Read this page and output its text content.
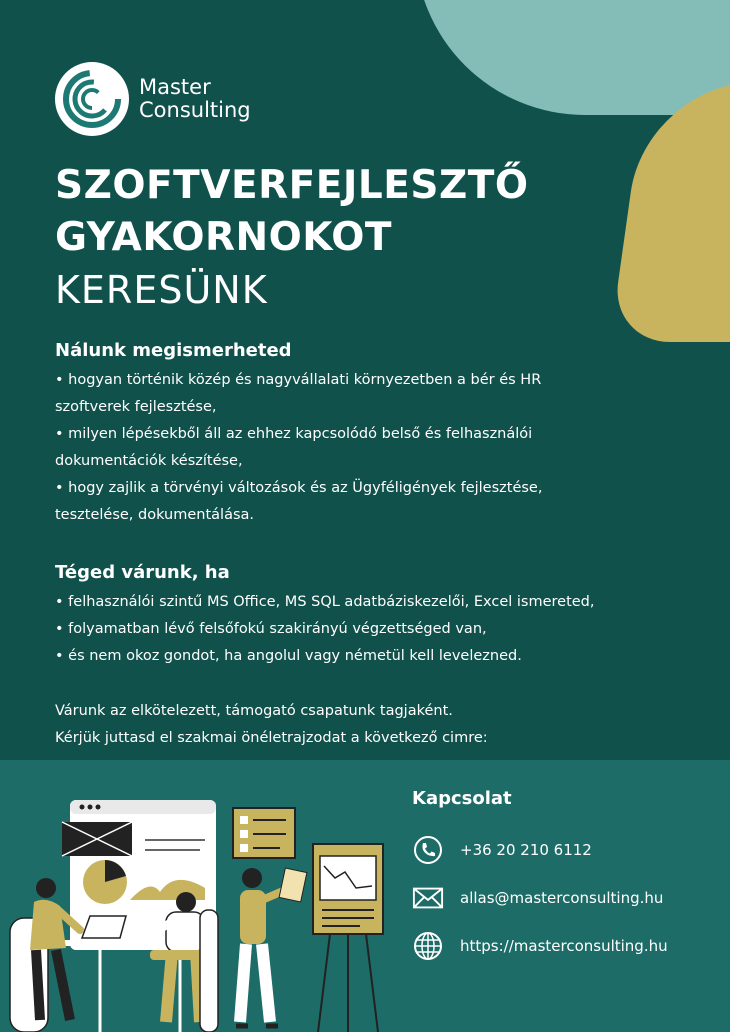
Master
Consulting
SZOFTVERFEJLESZTŐ
GYAKORNOKOT
KERESÜNK
Nálunk megismerheted

• hogyan történik közép és nagyvállalati környezetben a bér és HR

szoftverek fejlesztése,

• milyen lépésekből áll az ehhez kapcsolódó belső és felhasználói

dokumentációk készítése,

• hogy zajlik a törvényi változások és az Ügyféligények fejlesztése,

tesztelése, dokumentálása.

Téged várunk, ha

• felhasználói szintű MS Office, MS SQL adatbáziskezelői, Excel ismereted,

• folyamatban lévő felsőfokú szakirányú végzettséged van,

• és nem okoz gondot, ha angolul vagy németül kell levelezned.

Várunk az elkötelezett, támogató csapatunk tagjaként.

Kérjük juttasd el szakmai önéletrajzodat a következő cimre:

Kapcsolat
+36 20 210 6112
allas@masterconsulting.hu
https://masterconsulting.hu
